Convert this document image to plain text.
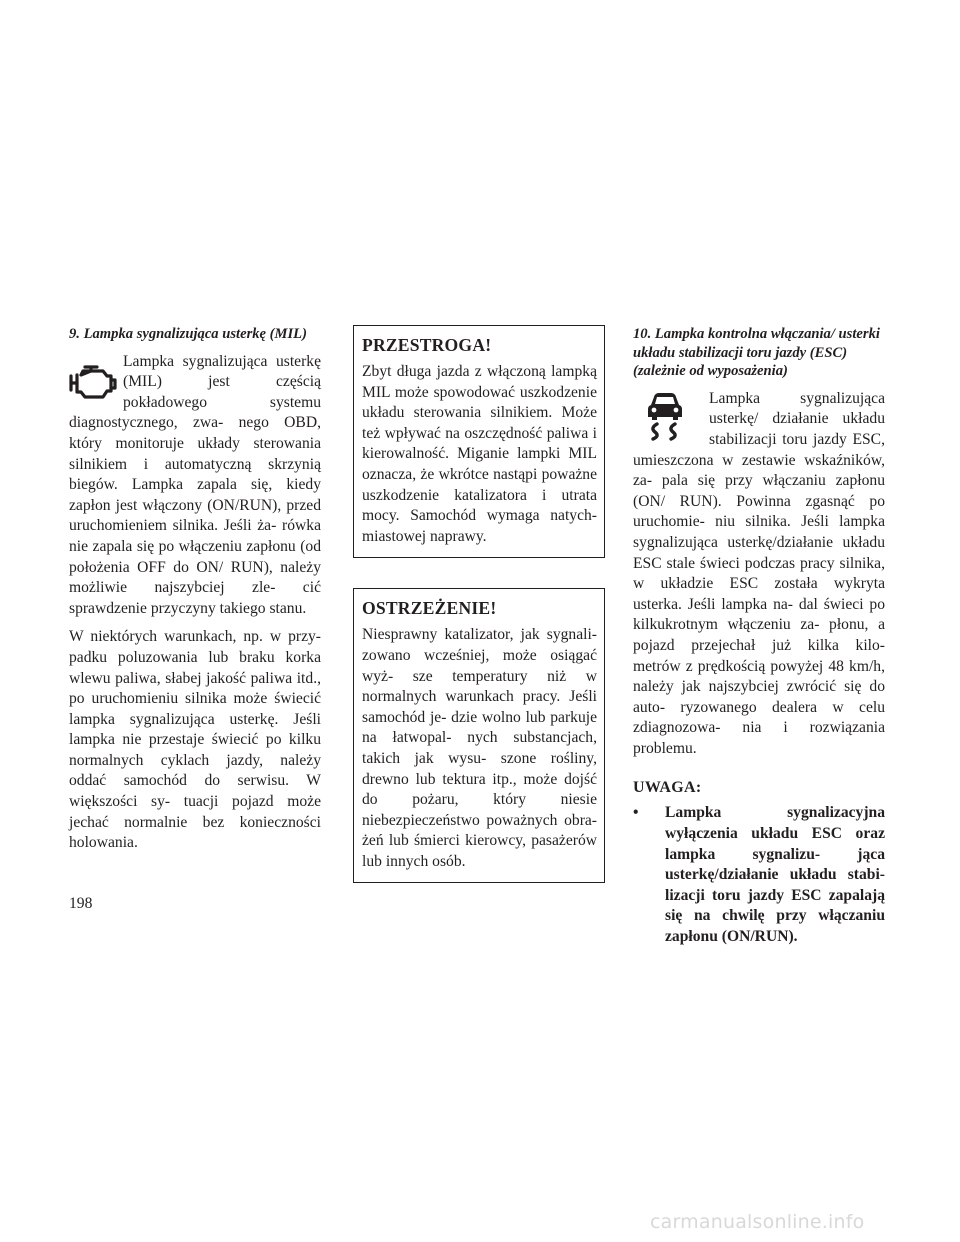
9. Lampka sygnalizująca usterkę (MIL)

Lampka sygnalizująca usterkę (MIL) jest częścią pokładowego systemu diagnostycznego, zwa- nego OBD, który monitoruje układy sterowania silnikiem i automatyczną skrzynią biegów. Lampka zapala się, kiedy zapłon jest włączony (ON/RUN), przed uruchomieniem silnika. Jeśli ża- rówka nie zapala się po włączeniu zapłonu (od położenia OFF do ON/ RUN), należy możliwie najszybciej zle- cić sprawdzenie przyczyny takiego stanu.

W niektórych warunkach, np. w przy- padku poluzowania lub braku korka wlewu paliwa, słabej jakość paliwa itd., po uruchomieniu silnika może świecić lampka sygnalizująca usterkę. Jeśli lampka nie przestaje świecić po kilku normalnych cyklach jazdy, należy oddać samochód do serwisu. W większości sy- tuacji pojazd może jechać normalnie bez konieczności holowania.

PRZESTROGA!

Zbyt długa jazda z włączoną lampką MIL może spowodować uszkodzenie układu sterowania silnikiem. Może też wpływać na oszczędność paliwa i kierowalność. Miganie lampki MIL oznacza, że wkrótce nastąpi poważne uszkodzenie katalizatora i utrata mocy. Samochód wymaga natych- miastowej naprawy.

OSTRZEŻENIE!

Niesprawny katalizator, jak sygnali- zowano wcześniej, może osiągać wyż- sze temperatury niż w normalnych warunkach pracy. Jeśli samochód je- dzie wolno lub parkuje na łatwopal- nych substancjach, takich jak wysu- szone rośliny, drewno lub tektura itp., może dojść do pożaru, który niesie niebezpieczeństwo poważnych obra- żeń lub śmierci kierowcy, pasażerów lub innych osób.

10. Lampka kontrolna włączania/ usterki układu stabilizacji toru jazdy (ESC) (zależnie od wyposażenia)

Lampka sygnalizująca usterkę/ działanie układu stabilizacji toru jazdy ESC, umieszczona w zestawie wskaźników, za- pala się przy włączaniu zapłonu (ON/ RUN). Powinna zgasnąć po uruchomie- niu silnika. Jeśli lampka sygnalizująca usterkę/działanie układu ESC stale świeci podczas pracy silnika, w układzie ESC została wykryta usterka. Jeśli lampka na- dal świeci po kilkukrotnym włączeniu za- płonu, a pojazd przejechał już kilka kilo- metrów z prędkością powyżej 48 km/h, należy jak najszybciej zwrócić się do auto- ryzowanego dealera w celu zdiagnozowa- nia i rozwiązania problemu.

UWAGA:
• Lampka sygnalizacyjna wyłączenia układu ESC oraz lampka sygnalizu- jąca usterkę/działanie układu stabi- lizacji toru jazdy ESC zapalają się na chwilę przy włączaniu zapłonu (ON/RUN).
198
carmanualsonline.info
